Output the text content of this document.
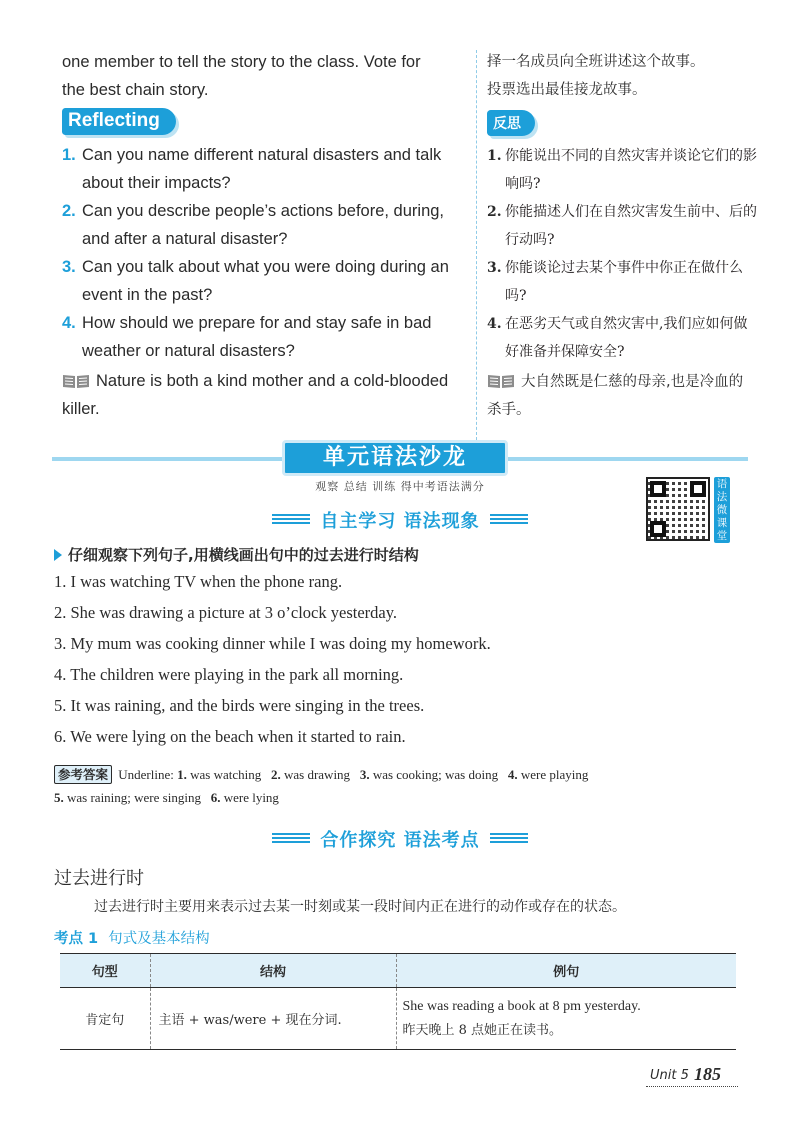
one member to tell the story to the class. Vote for
the best chain story.
Reflecting
1. Can you name different natural disasters and talk about their impacts?
2. Can you describe people’s actions before, during, and after a natural disaster?
3. Can you talk about what you were doing during an event in the past?
4. How should we prepare for and stay safe in bad weather or natural disasters?
Nature is both a kind mother and a cold-blooded killer.
择一名成员向全班讲述这个故事。
投票选出最佳接龙故事。
反思
1. 你能说出不同的自然灾害并谈论它们的影响吗?
2. 你能描述人们在自然灾害发生前中、后的行动吗?
3. 你能谈论过去某个事件中你正在做什么吗?
4. 在恶劣天气或自然灾害中,我们应如何做好准备并保障安全?
大自然既是仁慈的母亲,也是冷血的杀手。
单元语法沙龙
观察 总结 训练 得中考语法满分	语法微课堂
自主学习 语法现象
仔细观察下列句子,用横线画出句中的过去进行时结构
1. I was watching TV when the phone rang.
2. She was drawing a picture at 3 o’clock yesterday.
3. My mum was cooking dinner while I was doing my homework.
4. The children were playing in the park all morning.
5. It was raining, and the birds were singing in the trees.
6. We were lying on the beach when it started to rain.
参考答案 Underline: 1. was watching 2. was drawing 3. was cooking; was doing 4. were playing
5. was raining; were singing 6. were lying
合作探究 语法考点
过去进行时
过去进行时主要用来表示过去某一时刻或某一段时间内正在进行的动作或存在的状态。
考点 1 句式及基本结构
句型	结构	例句
肯定句	主语 + was/were + 现在分词.	She was reading a book at 8 pm yesterday.
昨天晚上 8 点她正在读书。
Unit 5 185
